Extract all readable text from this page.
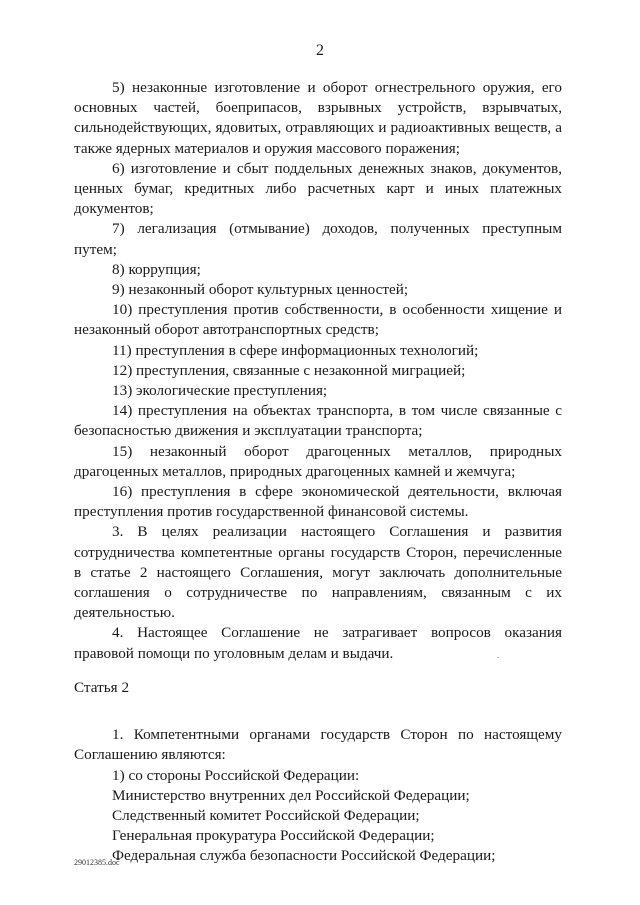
2

5) незаконные изготовление и оборот огнестрельного оружия, его основных частей, боеприпасов, взрывных устройств, взрывчатых, сильнодействующих, ядовитых, отравляющих и радиоактивных веществ, а также ядерных материалов и оружия массового поражения;

6) изготовление и сбыт поддельных денежных знаков, документов, ценных бумаг, кредитных либо расчетных карт и иных платежных документов;

7) легализация (отмывание) доходов, полученных преступным путем;

8) коррупция;

9) незаконный оборот культурных ценностей;

10) преступления против собственности, в особенности хищение и незаконный оборот автотранспортных средств;

11) преступления в сфере информационных технологий;

12) преступления, связанные с незаконной миграцией;

13) экологические преступления;

14) преступления на объектах транспорта, в том числе связанные с безопасностью движения и эксплуатации транспорта;

15) незаконный оборот драгоценных металлов, природных драгоценных металлов, природных драгоценных камней и жемчуга;

16) преступления в сфере экономической деятельности, включая преступления против государственной финансовой системы.

3. В целях реализации настоящего Соглашения и развития сотрудничества компетентные органы государств Сторон, перечисленные в статье 2 настоящего Соглашения, могут заключать дополнительные соглашения о сотрудничестве по направлениям, связанным с их деятельностью.

4. Настоящее Соглашение не затрагивает вопросов оказания правовой помощи по уголовным делам и выдачи.

Статья 2

1. Компетентными органами государств Сторон по настоящему Соглашению являются:

1) со стороны Российской Федерации:

Министерство внутренних дел Российской Федерации;

Следственный комитет Российской Федерации;

Генеральная прокуратура Российской Федерации;

Федеральная служба безопасности Российской Федерации;

29012385.doc
